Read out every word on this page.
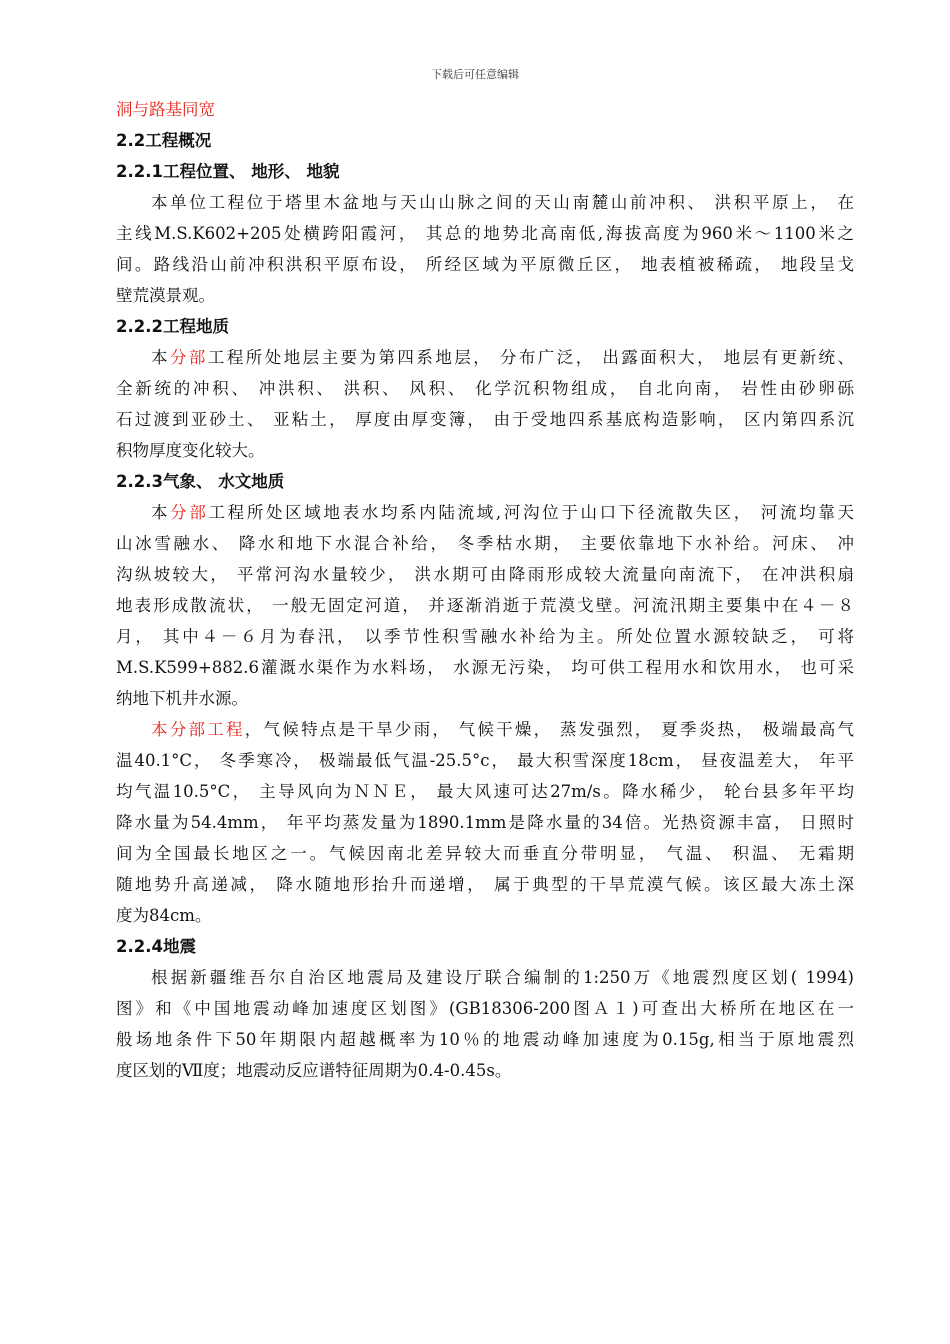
下载后可任意编辑
洞与路基同宽
2.2工程概况
2.2.1工程位置、 地形、 地貌
本单位工程位于塔里木盆地与天山山脉之间的天山南麓山前冲积、 洪积平原上， 在
主线M.S.K602+205处横跨阳霞河， 其总的地势北高南低,海拔高度为960米～1100米之
间。路线沿山前冲积洪积平原布设， 所经区域为平原微丘区， 地表植被稀疏， 地段呈戈
壁荒漠景观。
2.2.2工程地质
本分部工程所处地层主要为第四系地层， 分布广泛， 出露面积大， 地层有更新统、
全新统的冲积、 冲洪积、 洪积、 风积、 化学沉积物组成， 自北向南， 岩性由砂卵砾
石过渡到亚砂土、 亚粘土， 厚度由厚变簿， 由于受地四系基底构造影响， 区内第四系沉
积物厚度变化较大。
2.2.3气象、 水文地质
本分部工程所处区域地表水均系内陆流域,河沟位于山口下径流散失区， 河流均靠天
山冰雪融水、 降水和地下水混合补给， 冬季枯水期， 主要依靠地下水补给。河床、 冲
沟纵坡较大， 平常河沟水量较少， 洪水期可由降雨形成较大流量向南流下， 在冲洪积扇
地表形成散流状， 一般无固定河道， 并逐渐消逝于荒漠戈壁。河流汛期主要集中在４－８
月， 其中４－６月为春汛， 以季节性积雪融水补给为主。所处位置水源较缺乏， 可将
M.S.K599+882.6灌溉水渠作为水料场， 水源无污染， 均可供工程用水和饮用水， 也可采
纳地下机井水源。
本分部工程，气候特点是干旱少雨， 气候干燥， 蒸发强烈， 夏季炎热， 极端最高气
温40.1°C， 冬季寒冷， 极端最低气温-25.5°c， 最大积雪深度18cm， 昼夜温差大， 年平
均气温10.5°C， 主导风向为ＮＮＥ， 最大风速可达27m/s。降水稀少， 轮台县多年平均
降水量为54.4mm， 年平均蒸发量为1890.1mm是降水量的34倍。光热资源丰富， 日照时
间为全国最长地区之一。气候因南北差异较大而垂直分带明显， 气温、 积温、 无霜期
随地势升高递减， 降水随地形抬升而递增， 属于典型的干旱荒漠气候。该区最大冻土深
度为84cm。
2.2.4地震
根据新疆维吾尔自治区地震局及建设厅联合编制的1:250万《地震烈度区划( 1994)
图》和《中国地震动峰加速度区划图》(GB18306-200图Ａ１)可查出大桥所在地区在一
般场地条件下50年期限内超越概率为10％的地震动峰加速度为0.15g,相当于原地震烈
度区划的Ⅶ度；地震动反应谱特征周期为0.4-0.45s。
